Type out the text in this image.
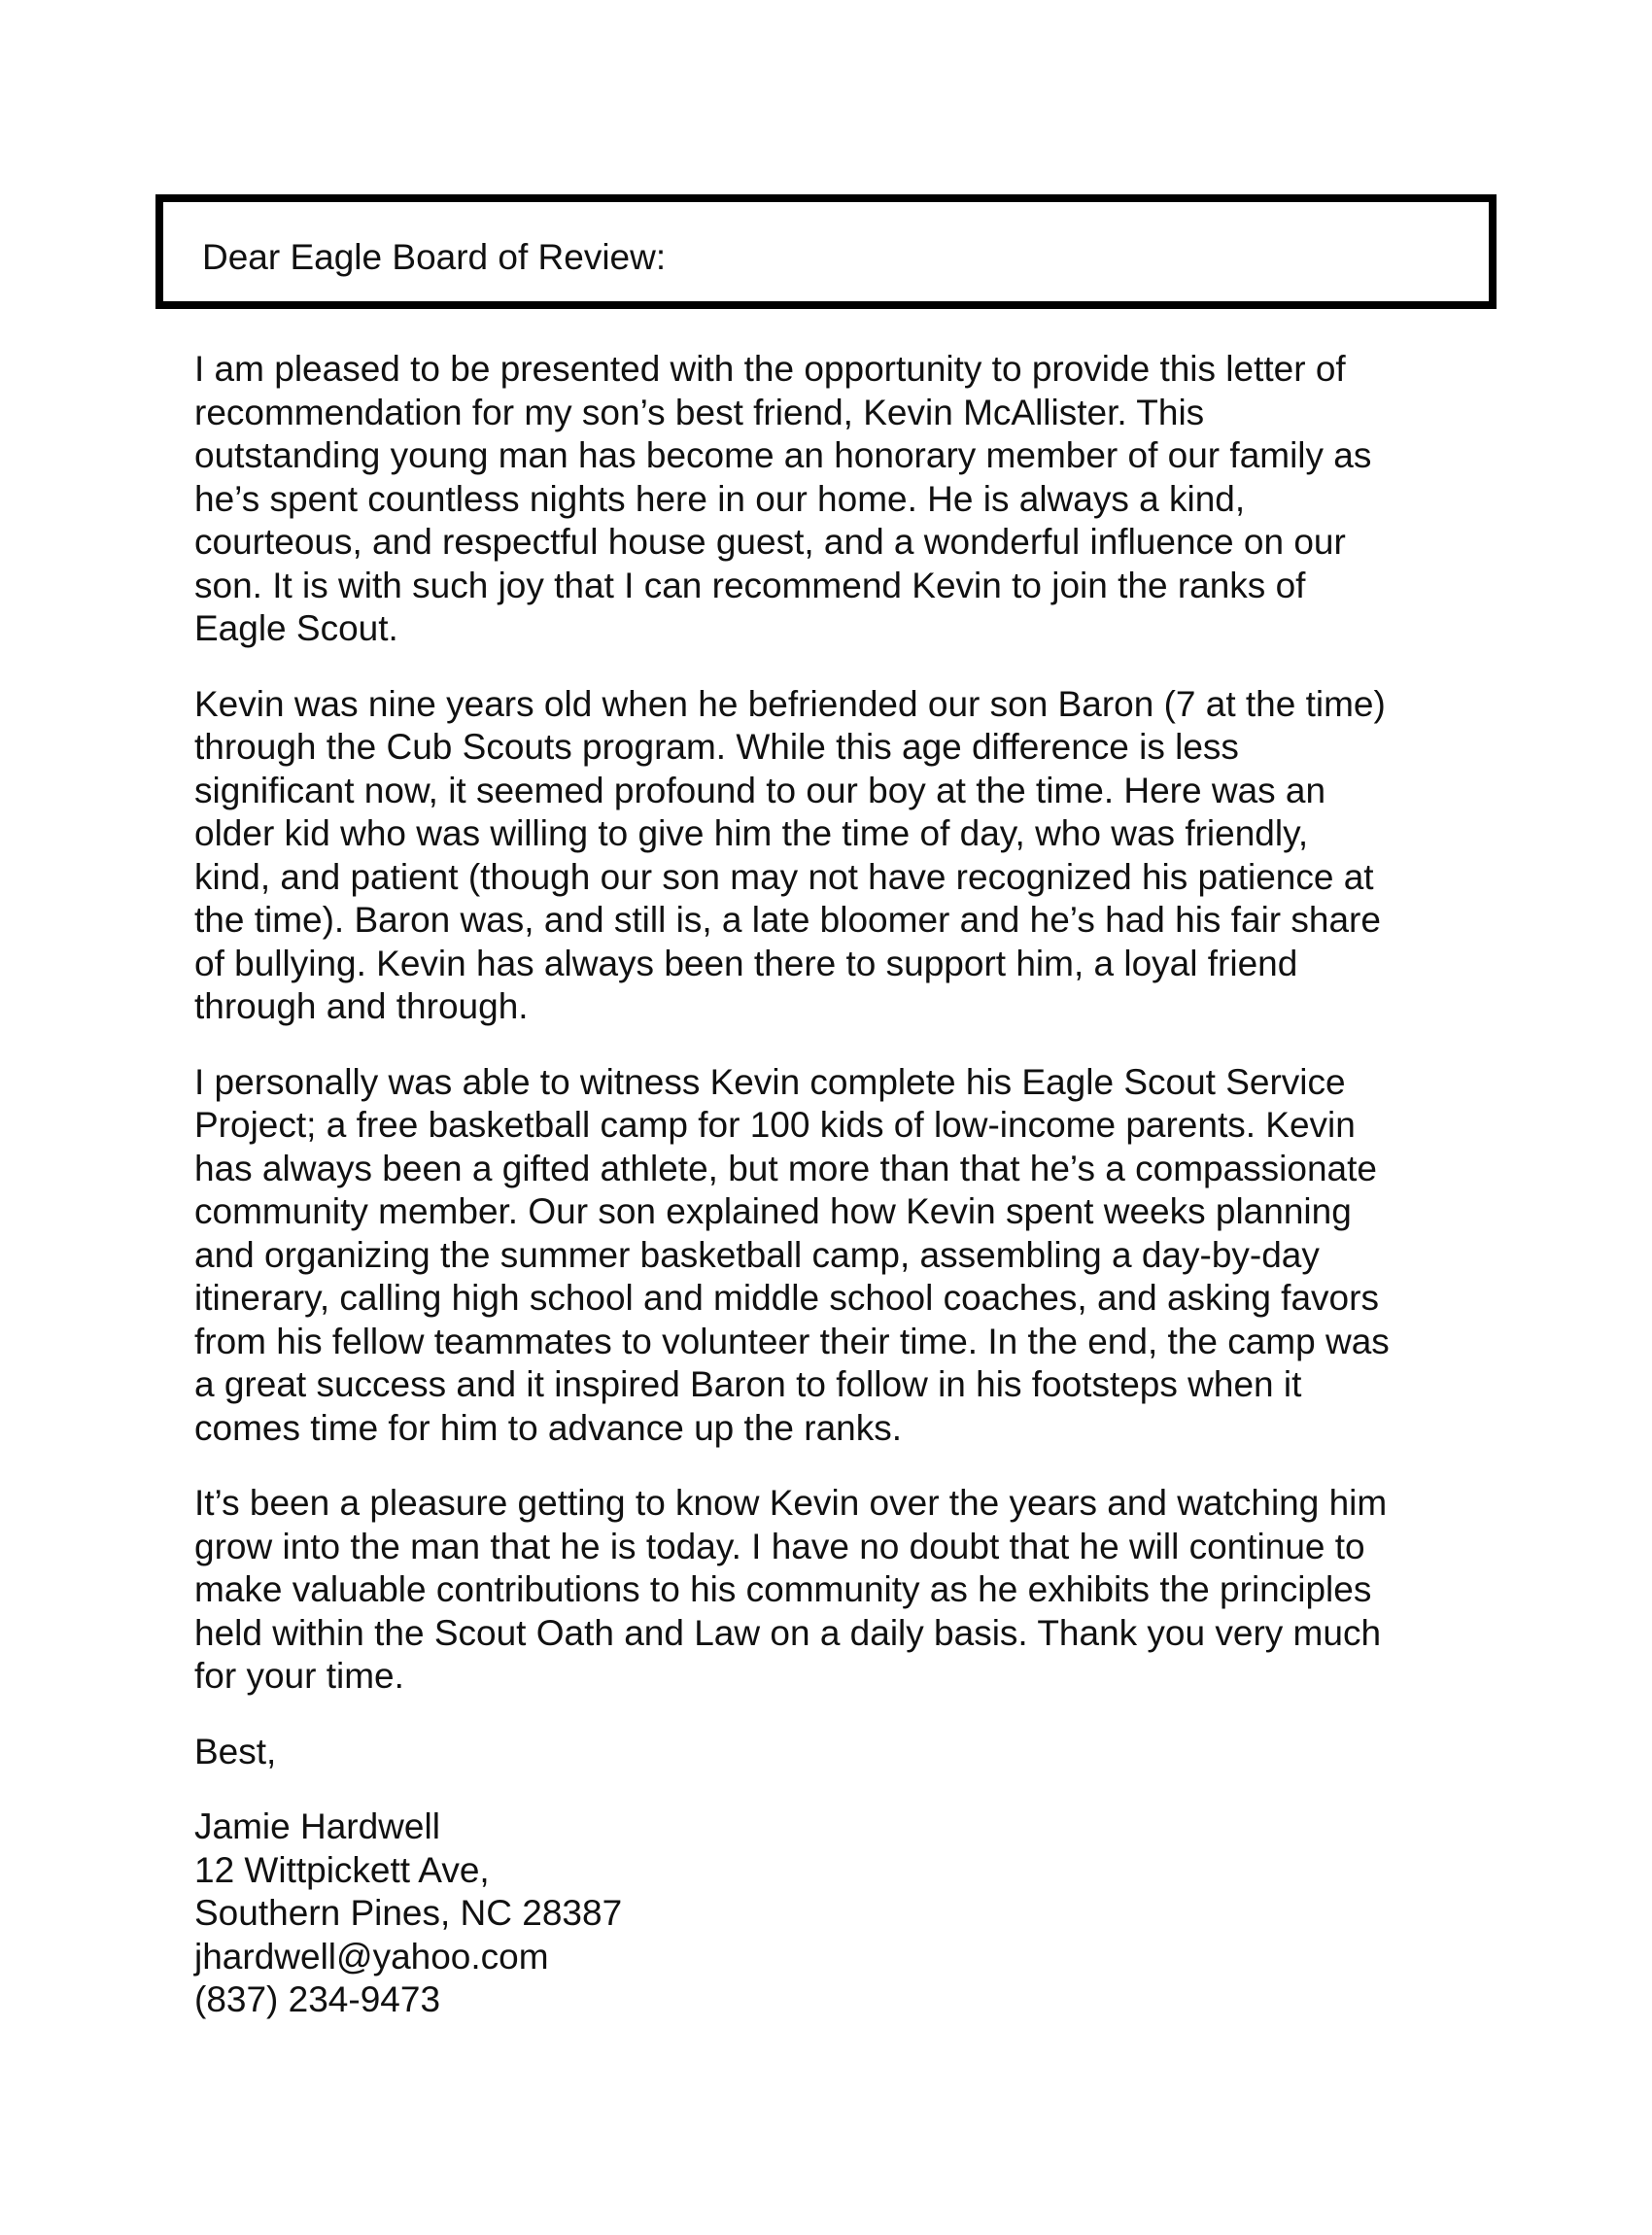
Dear Eagle Board of Review:

I am pleased to be presented with the opportunity to provide this letter of
recommendation for my son’s best friend, Kevin McAllister. This
outstanding young man has become an honorary member of our family as
he’s spent countless nights here in our home. He is always a kind,
courteous, and respectful house guest, and a wonderful influence on our
son. It is with such joy that I can recommend Kevin to join the ranks of
Eagle Scout.

Kevin was nine years old when he befriended our son Baron (7 at the time)
through the Cub Scouts program. While this age difference is less
significant now, it seemed profound to our boy at the time. Here was an
older kid who was willing to give him the time of day, who was friendly,
kind, and patient (though our son may not have recognized his patience at
the time). Baron was, and still is, a late bloomer and he’s had his fair share
of bullying. Kevin has always been there to support him, a loyal friend
through and through.

I personally was able to witness Kevin complete his Eagle Scout Service
Project; a free basketball camp for 100 kids of low-income parents. Kevin
has always been a gifted athlete, but more than that he’s a compassionate
community member. Our son explained how Kevin spent weeks planning
and organizing the summer basketball camp, assembling a day-by-day
itinerary, calling high school and middle school coaches, and asking favors
from his fellow teammates to volunteer their time. In the end, the camp was
a great success and it inspired Baron to follow in his footsteps when it
comes time for him to advance up the ranks.

It’s been a pleasure getting to know Kevin over the years and watching him
grow into the man that he is today. I have no doubt that he will continue to
make valuable contributions to his community as he exhibits the principles
held within the Scout Oath and Law on a daily basis. Thank you very much
for your time.

Best,

Jamie Hardwell
12 Wittpickett Ave,
Southern Pines, NC 28387
jhardwell@yahoo.com
(837) 234-9473
